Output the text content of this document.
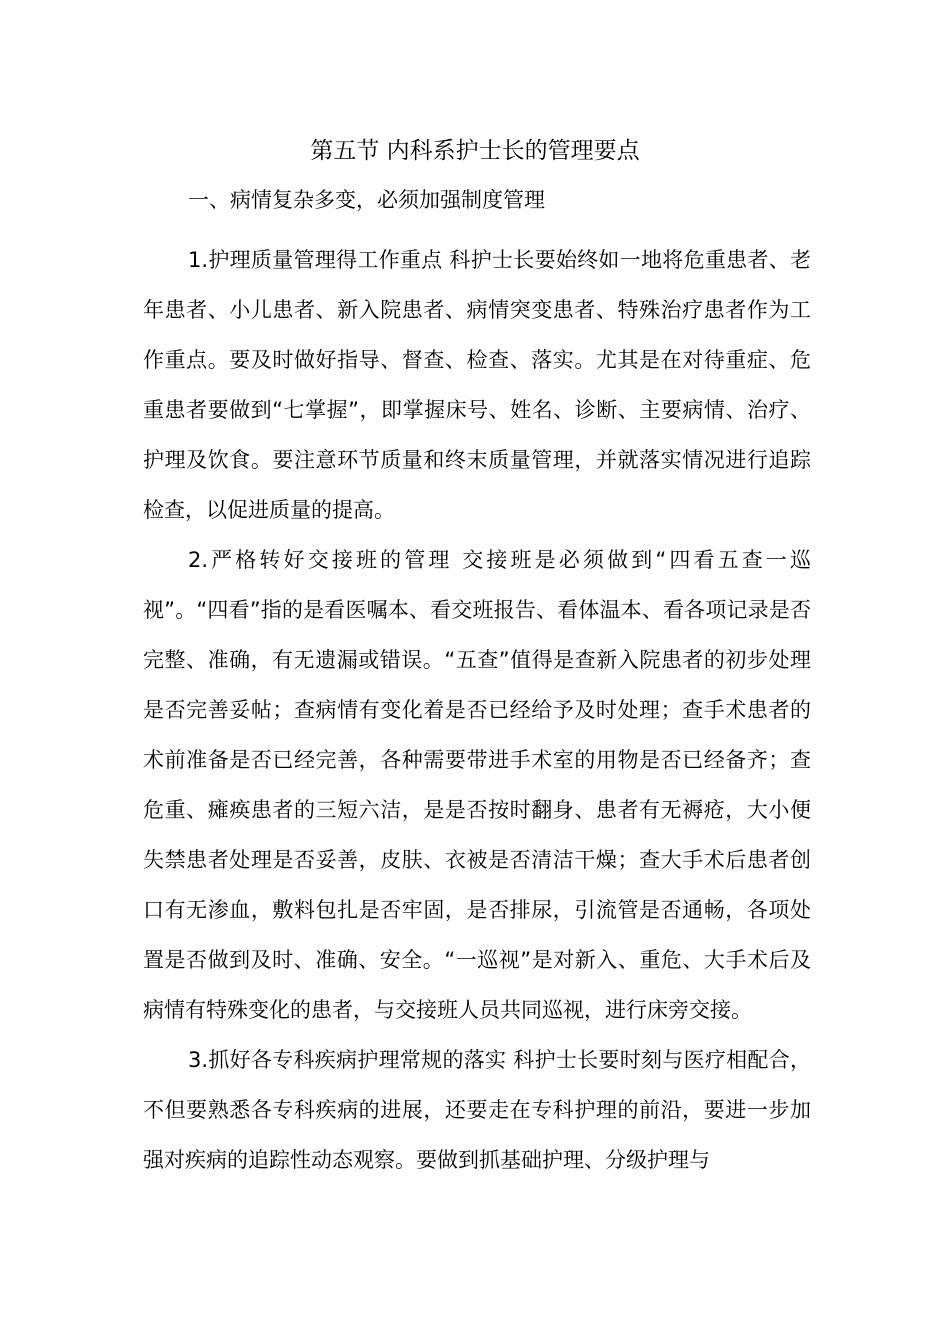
第五节 内科系护士长的管理要点
一、病情复杂多变，必须加强制度管理

1.护理质量管理得工作重点 科护士长要始终如一地将危重患者、老年患者、小儿患者、新入院患者、病情突变患者、特殊治疗患者作为工作重点。要及时做好指导、督查、检查、落实。尤其是在对待重症、危重患者要做到“七掌握”，即掌握床号、姓名、诊断、主要病情、治疗、护理及饮食。要注意环节质量和终末质量管理，并就落实情况进行追踪检查，以促进质量的提高。

2.严格转好交接班的管理 交接班是必须做到“四看五查一巡视”。“四看”指的是看医嘱本、看交班报告、看体温本、看各项记录是否完整、准确，有无遗漏或错误。“五查”值得是查新入院患者的初步处理是否完善妥帖；查病情有变化着是否已经给予及时处理；查手术患者的术前准备是否已经完善，各种需要带进手术室的用物是否已经备齐；查危重、瘫痪患者的三短六洁，是是否按时翻身、患者有无褥疮，大小便失禁患者处理是否妥善，皮肤、衣被是否清洁干燥；查大手术后患者创口有无渗血，敷料包扎是否牢固，是否排尿，引流管是否通畅，各项处置是否做到及时、准确、安全。“一巡视”是对新入、重危、大手术后及病情有特殊变化的患者，与交接班人员共同巡视，进行床旁交接。

3.抓好各专科疾病护理常规的落实 科护士长要时刻与医疗相配合，不但要熟悉各专科疾病的进展，还要走在专科护理的前沿，要进一步加强对疾病的追踪性动态观察。要做到抓基础护理、分级护理与
